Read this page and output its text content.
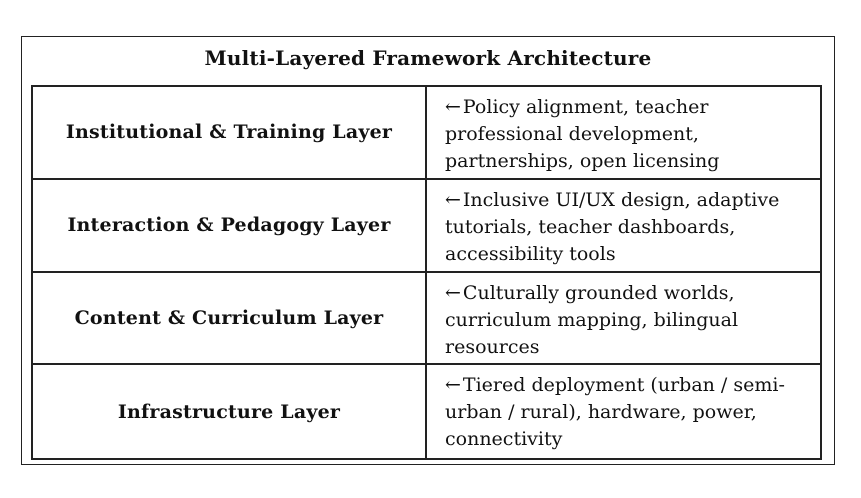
Multi-Layered Framework Architecture
Institutional & Training Layer
← Policy alignment, teacher professional development, partnerships, open licensing
Interaction & Pedagogy Layer
← Inclusive UI/UX design, adaptive tutorials, teacher dashboards, accessibility tools
Content & Curriculum Layer
← Culturally grounded worlds, curriculum mapping, bilingual resources
Infrastructure Layer
← Tiered deployment (urban / semi-urban / rural), hardware, power, connectivity
